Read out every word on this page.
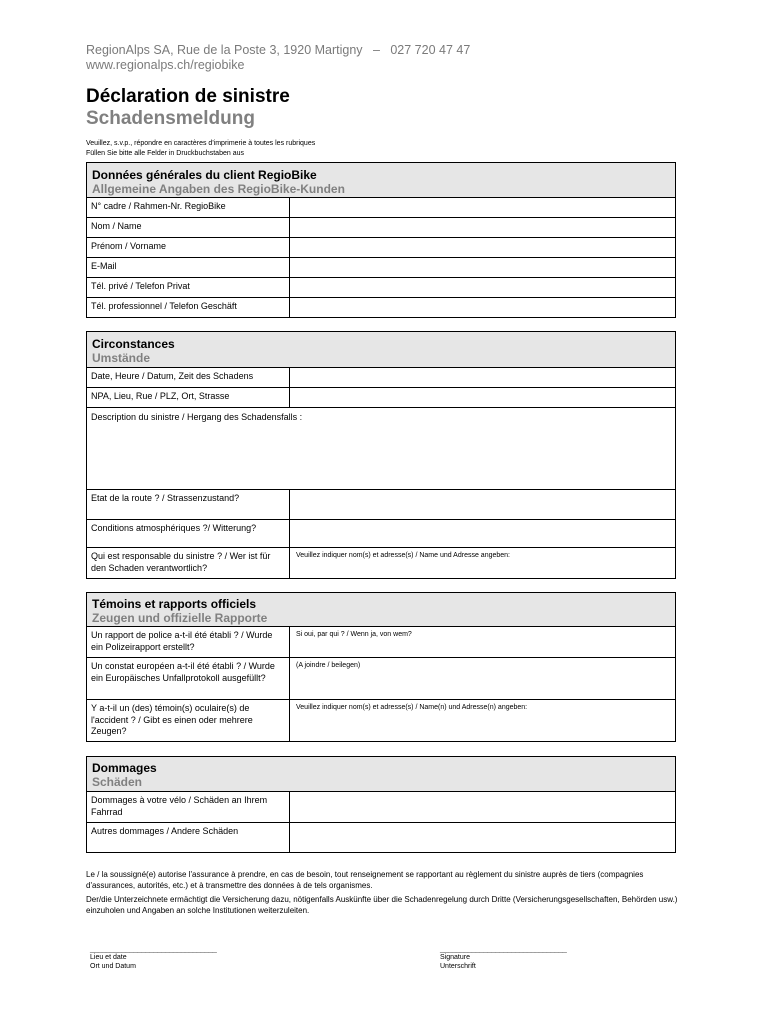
RegionAlps SA, Rue de la Poste 3, 1920 Martigny   –   027 720 47 47
www.regionalps.ch/regiobike
Déclaration de sinistre
Schadensmeldung
Veuillez, s.v.p., répondre en caractères d'imprimerie à toutes les rubriques
Füllen Sie bitte alle Felder in Druckbuchstaben aus
Données générales du client RegioBike
Allgemeine Angaben des RegioBike-Kunden
N° cadre / Rahmen-Nr. RegioBike
Nom / Name
Prénom / Vorname
E-Mail
Tél. privé / Telefon Privat
Tél. professionnel / Telefon Geschäft
Circonstances
Umstände
Date, Heure / Datum, Zeit des Schadens
NPA, Lieu, Rue / PLZ, Ort, Strasse
Description du sinistre / Hergang des Schadensfalls :
Etat de la route ? / Strassenzustand?
Conditions atmosphériques ?/ Witterung?
Qui est responsable du sinistre ? / Wer ist für den Schaden verantwortlich?
Veuillez indiquer nom(s) et adresse(s) / Name und Adresse angeben:
Témoins et rapports officiels
Zeugen und offizielle Rapporte
Un rapport de police a-t-il été établi ? / Wurde ein Polizeirapport erstellt?
Si oui, par qui ? / Wenn ja, von wem?
Un constat européen a-t-il été établi ? / Wurde ein Europäisches Unfallprotokoll ausgefüllt?
(A joindre / beilegen)
Y a-t-il un (des) témoin(s) oculaire(s) de l'accident ? / Gibt es einen oder mehrere Zeugen?
Veuillez indiquer nom(s) et adresse(s) / Name(n) und Adresse(n) angeben:
Dommages
Schäden
Dommages à votre vélo / Schäden an Ihrem Fahrrad
Autres dommages / Andere Schäden
Le / la soussigné(e) autorise l'assurance à prendre, en cas de besoin, tout renseignement se rapportant au règlement du sinistre auprès de tiers (compagnies d'assurances, autorités, etc.) et à transmettre des données à de tels organismes.
Der/die Unterzeichnete ermächtigt die Versicherung dazu, nötigenfalls Auskünfte über die Schadenregelung durch Dritte (Versicherungsgesellschaften, Behörden usw.) einzuholen und Angaben an solche Institutionen weiterzuleiten.
________________________________
Lieu et date
Ort und Datum
________________________________
Signature
Unterschrift
